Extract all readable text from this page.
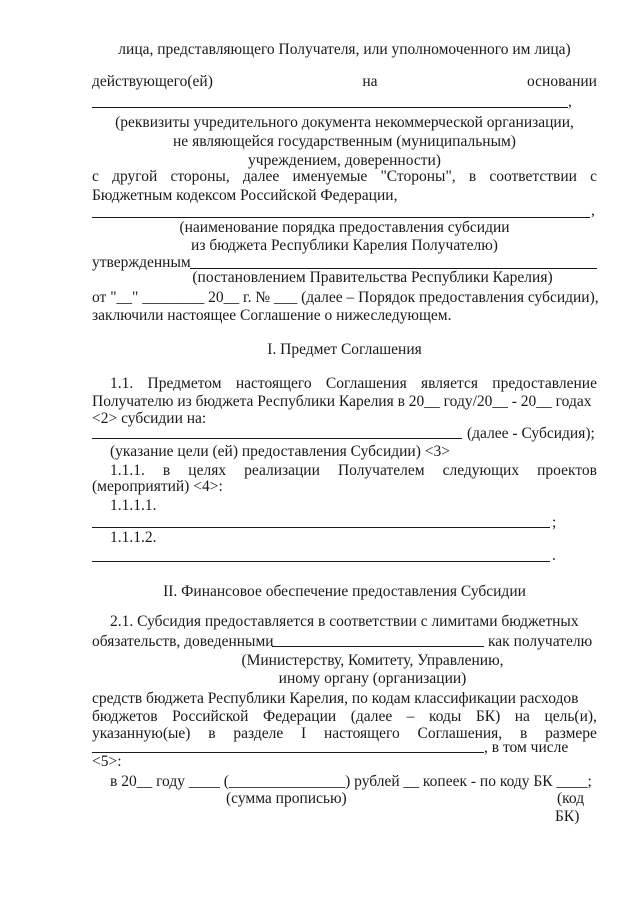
лица, представляющего Получателя, или уполномоченного им лица)
действующего(ей)	на	основании
,
(реквизиты учредительного документа некоммерческой организации,
не являющейся государственным (муниципальным)
учреждением, доверенности)
с другой стороны, далее именуемые "Стороны", в соответствии с
Бюджетным кодексом Российской Федерации,
,
(наименование порядка предоставления субсидии
из бюджета Республики Карелия Получателю)
утвержденным
(постановлением Правительства Республики Карелия)
от "__" ________ 20__ г. № ___ (далее – Порядок предоставления субсидии),
заключили настоящее Соглашение о нижеследующем.
I. Предмет Соглашения
1.1. Предметом настоящего Соглашения является предоставление
Получателю из бюджета Республики Карелия в 20__ году/20__ - 20__ годах
<2> субсидии на:
(далее - Субсидия);
(указание цели (ей) предоставления Субсидии) <3>
1.1.1. в целях реализации Получателем следующих проектов
(мероприятий) <4>:
1.1.1.1.
;
1.1.1.2.
.
II. Финансовое обеспечение предоставления Субсидии
2.1. Субсидия предоставляется в соответствии с лимитами бюджетных
обязательств, доведенными	как получателю
(Министерству, Комитету, Управлению,
иному органу (организации)
средств бюджета Республики Карелия, по кодам классификации расходов
бюджетов Российской Федерации (далее – коды БК) на цель(и),
указанную(ые) в разделе I настоящего Соглашения, в размере
, в том числе
<5>:
в 20__ году ____ (_______________) рублей __ копеек - по коду БК ____;
(сумма прописью)	(код
БК)
